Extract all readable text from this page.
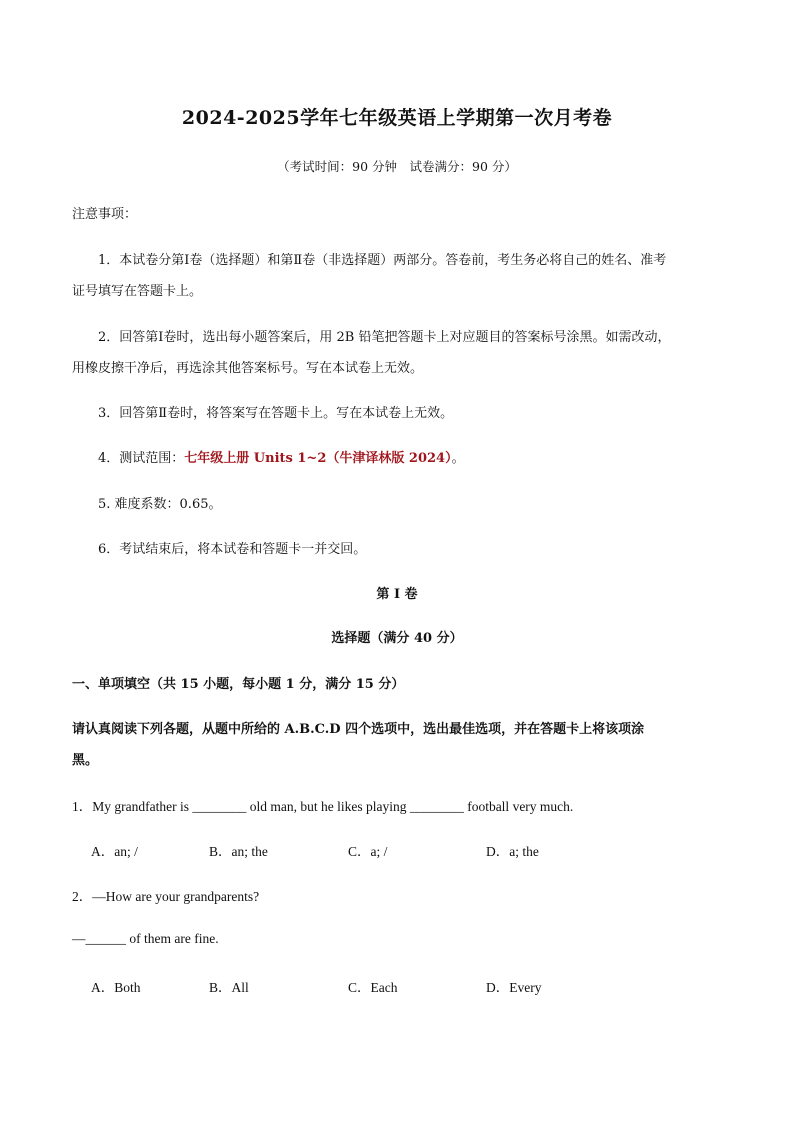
2024-2025学年七年级英语上学期第一次月考卷
（考试时间：90 分钟　试卷满分：90 分）
注意事项：
1．本试卷分第Ⅰ卷（选择题）和第Ⅱ卷（非选择题）两部分。答卷前，考生务必将自己的姓名、准考
证号填写在答题卡上。
2．回答第Ⅰ卷时，选出每小题答案后，用 2B 铅笔把答题卡上对应题目的答案标号涂黑。如需改动，
用橡皮擦干净后，再选涂其他答案标号。写在本试卷上无效。
3．回答第Ⅱ卷时，将答案写在答题卡上。写在本试卷上无效。
4．测试范围：七年级上册 Units 1~2（牛津译林版 2024）。
5. 难度系数：0.65。
6．考试结束后，将本试卷和答题卡一并交回。
第 I 卷
选择题（满分 40 分）
一、单项填空（共 15 小题，每小题 1 分，满分 15 分）
请认真阅读下列各题，从题中所给的 A.B.C.D 四个选项中，选出最佳选项，并在答题卡上将该项涂
黑。
1．My grandfather is ________ old man, but he likes playing ________ football very much.
A．an; /	B．an; the	C．a; /	D．a; the
2．—How are your grandparents?
—______ of them are fine.
A．Both	B．All	C．Each	D．Every
